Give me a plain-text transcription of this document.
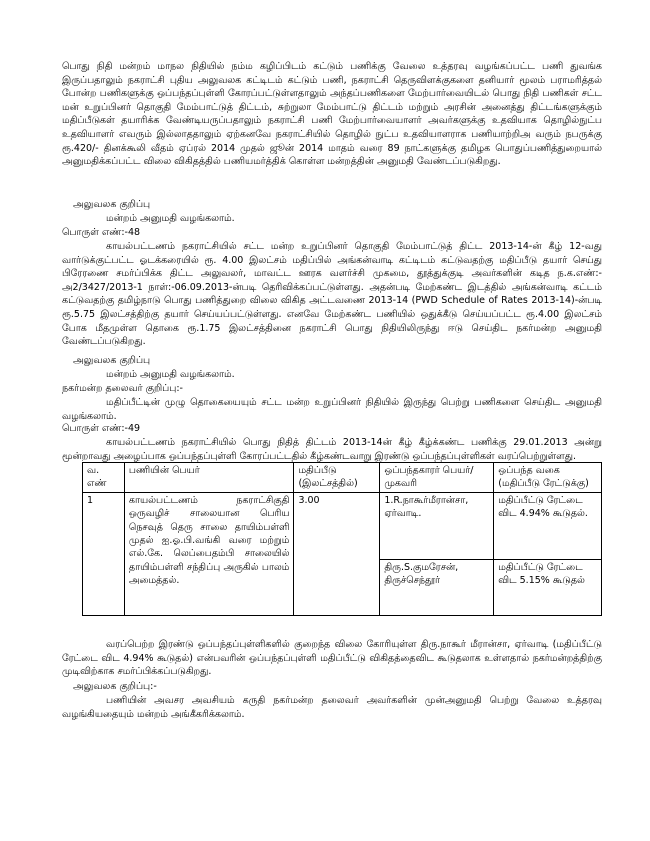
பொது நிதி மன்றம் மாநல நிதியில் நம்ம கழிப்பிடம் கட்டும் பணிக்கு வேலை உத்தரவு வழங்கப்பட்ட பணி துவங்க இருப்பதாலும் நகராட்சி புதிய அலுவலக கட்டிடம் கட்டும் பணி, நகராட்சி தெருவிளக்குகளை தனியார் மூலம் பராமரித்தல் போன்ற பணிகளுக்கு ஒப்பந்தப்புள்ளி கோரப்பட்டுள்ளதாலும் அந்தப்பணிகளை மேற்பார்வையிடல் பொது நிதி பணிகள் சட்ட மன் உறுப்பினர் தொகுதி மேம்பாட்டுத் திட்டம், சுற்றுலா மேம்பாட்டு திட்டம் மற்றும் அரசின் அனைத்து திட்டங்களுக்கும் மதிப்பீடுகள் தயாரிக்க வேண்டியருப்பதாலும் நகராட்சி பணி மேற்பார்வையாளர் அவர்களுக்கு உதவியாக தொழில்நுட்ப உதவியாளர் எவரும் இல்லாததாலும் ஏற்கனவே நகராட்சியில் தொழில் நுட்ப உதவியாளராக பணியாற்றிஅ வரும் நபருக்கு ரூ.420/- தினக்கூலி வீதம் ஏப்ரல் 2014 முதல் ஜூன் 2014 மாதம் வரை 89 நாட்களுக்கு தமிழக பொதுப்பணித்துறையால் அனுமதிக்கப்பட்ட விலை விகிதத்தில் பணியமர்த்திக் கொள்ள மன்றத்தின் அனுமதி வேண்டப்படுகிறது.

அலுவலக குறிப்பு

மன்றம் அனுமதி வழங்கலாம்.

பொருள் எண்:-48

காயல்பட்டணம் நகராட்சியில் சட்ட மன்ற உறுப்பினர் தொகுதி மேம்பாட்டுத் திட்ட 2013-14-ன் கீழ் 12-வது வார்டுக்குட்பட்ட ஓடக்கரையில் ரூ. 4.00 இலட்சம் மதிப்பில் அங்கன்வாடி கட்டிடம் கட்டுவதற்கு மதிப்பீடு தயார் செய்து பிரேரணை சமர்ப்பிக்க திட்ட அலுவலர், மாவட்ட ஊரக வளர்ச்சி முகமை, தூத்துக்குடி அவர்களின் கடித ந.க.எண்:-அ2/3427/2013-1 நாள்:-06.09.2013-ன்படி தெரிவிக்கப்பட்டுள்ளது. அதன்படி மேற்கண்ட இடத்தில் அங்கன்வாடி கட்டம் கட்டுவதற்கு தமிழ்நாடு பொது பணித்துறை விலை விகித அட்டவணை 2013-14 (PWD Schedule of Rates 2013-14)-ன்படி ரூ.5.75 இலட்சத்திற்கு தயார் செய்யப்பட்டுள்ளது. எனவே மேற்கண்ட பணியில் ஒதுக்கீடு செய்யப்பட்ட ரூ.4.00 இலட்சம் போக மீதமுள்ள தொகை ரூ.1.75 இலட்சத்தினை நகராட்சி பொது நிதியிலிருந்து ஈடு செய்திட நகர்மன்ற அனுமதி வேண்டப்படுகிறது.

அலுவலக குறிப்பு

மன்றம் அனுமதி வழங்கலாம்.

நகர்மன்ற தலைவர் குறிப்பு:-

மதிப்பீட்டின் முழு தொகையையும் சட்ட மன்ற உறுப்பினர் நிதியில் இருந்து பெற்று பணிகளை செய்திட அனுமதி வழங்கலாம்.

பொருள் எண்:-49

காயல்பட்டணம் நகராட்சியில் பொது நிதித் திட்டம் 2013-14ன் கீழ் கீழ்க்கண்ட பணிக்கு 29.01.2013 அன்று மூன்றாவது அழைப்பாக ஒப்பந்தப்புள்ளி கோரப்பட்டதில் கீழ்கண்டவாறு இரண்டு ஒப்பந்தப்புள்ளிகள் வரப்பெற்றுள்ளது.

வ. எண்	பணியின் பெயர்	மதிப்பீடு (இலட்சத்தில்)	ஒப்பந்தகாரர் பெயர்/முகவரி	ஒப்பந்த வகை (மதிப்பீடு ரேட்டுக்கு)
1	காயல்பட்டணம் நகராட்சிகுதி ஒருவழிச் சாலையான பெரிய நெசவுத் தெரு சாலை தாயிம்பள்ளி முதல் ஐ.ஓ.பி.வங்கி வரை மற்றும் எல்.கே. லெப்பைதம்பி சாலையில் தாயிம்பள்ளி சந்திப்பு அருகில் பாலம் அமைத்தல்.	3.00	1.R.நாகூர்மீரான்சா, ஏர்வாடி.	மதிப்பீட்டு ரேட்டை விட 4.94% கூடுதல்.
			திரு.S.குமரேசன், திருச்செந்தூர்	மதிப்பீட்டு ரேட்டை விட 5.15% கூடுதல்

வரப்பெற்ற இரண்டு ஒப்பந்தப்புள்ளிகளில் குறைந்த விலை கோரியுள்ள திரு.நாகூர் மீரான்சா, ஏர்வாடி (மதிப்பீட்டு ரேட்டை விட 4.94% கூடுதல்) என்பவரின் ஒப்பந்தப்புள்ளி மதிப்பீட்டு விகிதத்தைவிட கூடுதலாக உள்ளதால் நகர்மன்றத்திற்கு முடிவிற்காக சமர்ப்பிக்கப்படுகிறது.

அலுவலக குறிப்பு:-

பணியின் அவசர அவசியம் கருதி நகர்மன்ற தலைவர் அவர்களின் முன்அனுமதி பெற்று வேலை உத்தரவு வழங்கியதையும் மன்றம் அங்கீகரிக்கலாம்.
